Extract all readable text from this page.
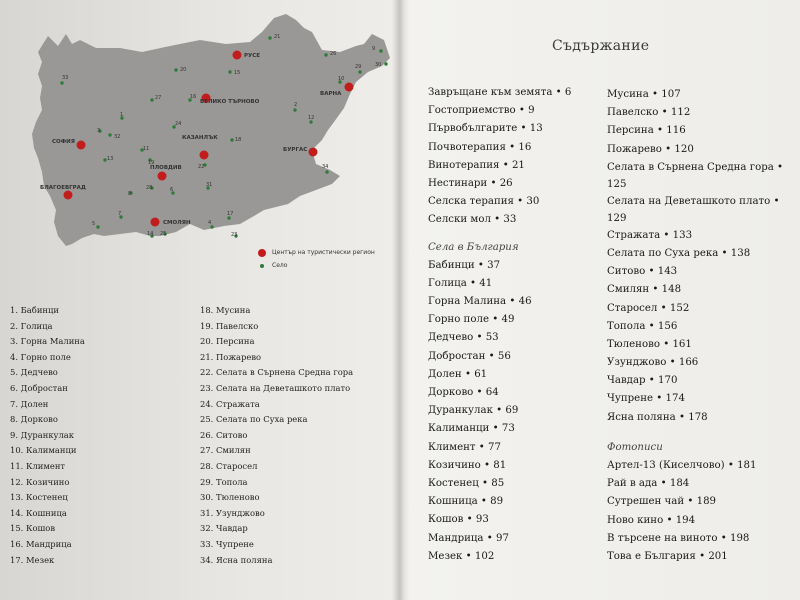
РУСЕ
ВАРНА
ВЕЛИКО ТЪРНОВО
СОФИЯ
КАЗАНЛЪК
БУРГАС
ПЛОВДИВ
БЛАГОЕВГРАД
СМОЛЯН
21
26
9
30
20	15
29
10
33
27	16
2
1	12
3
32
24
18
11
13
19
22
31
8
28	6
34
7	17
5	4
14 25	23
Център на туристически регион
Село
1. Бабинци
2. Голица
3. Горна Малина
4. Горно поле
5. Дедчево
6. Добростан
7. Долен
8. Дорково
9. Дуранкулак
10. Калиманци
11. Климент
12. Козичино
13. Костенец
14. Кошница
15. Кошов
16. Мандрица
17. Мезек
18. Мусина
19. Павелско
20. Персина
21. Пожарево
22. Селата в Сърнена Средна гора
23. Селата на Деветашкото плато
24. Стражата
25. Селата по Суха река
26. Ситово
27. Смилян
28. Старосел
29. Топола
30. Тюленово
31. Узунджово
32. Чавдар
33. Чупрене
34. Ясна поляна
Съдържание
Завръщане към земята • 6
Гостоприемство • 9
Първобългарите • 13
Почвотерапия • 16
Винотерапия • 21
Нестинари • 26
Селска терапия • 30
Селски мол • 33
Села в България
Бабинци • 37
Голица • 41
Горна Малина • 46
Горно поле • 49
Дедчево • 53
Добростан • 56
Долен • 61
Дорково • 64
Дуранкулак • 69
Калиманци • 73
Климент • 77
Козичино • 81
Костенец • 85
Кошница • 89
Кошов • 93
Мандрица • 97
Мезек • 102
Мусина • 107
Павелско • 112
Персина • 116
Пожарево • 120
Селата в Сърнена Средна гора • 125
Селата на Деветашкото плато • 129
Стражата • 133
Селата по Суха река • 138
Ситово • 143
Смилян • 148
Старосел • 152
Топола • 156
Тюленово • 161
Узунджово • 166
Чавдар • 170
Чупрене • 174
Ясна поляна • 178
Фотописи
Артел-13 (Киселчово) • 181
Рай в ада • 184
Сутрешен чай • 189
Ново кино • 194
В търсене на виното • 198
Това е България • 201
